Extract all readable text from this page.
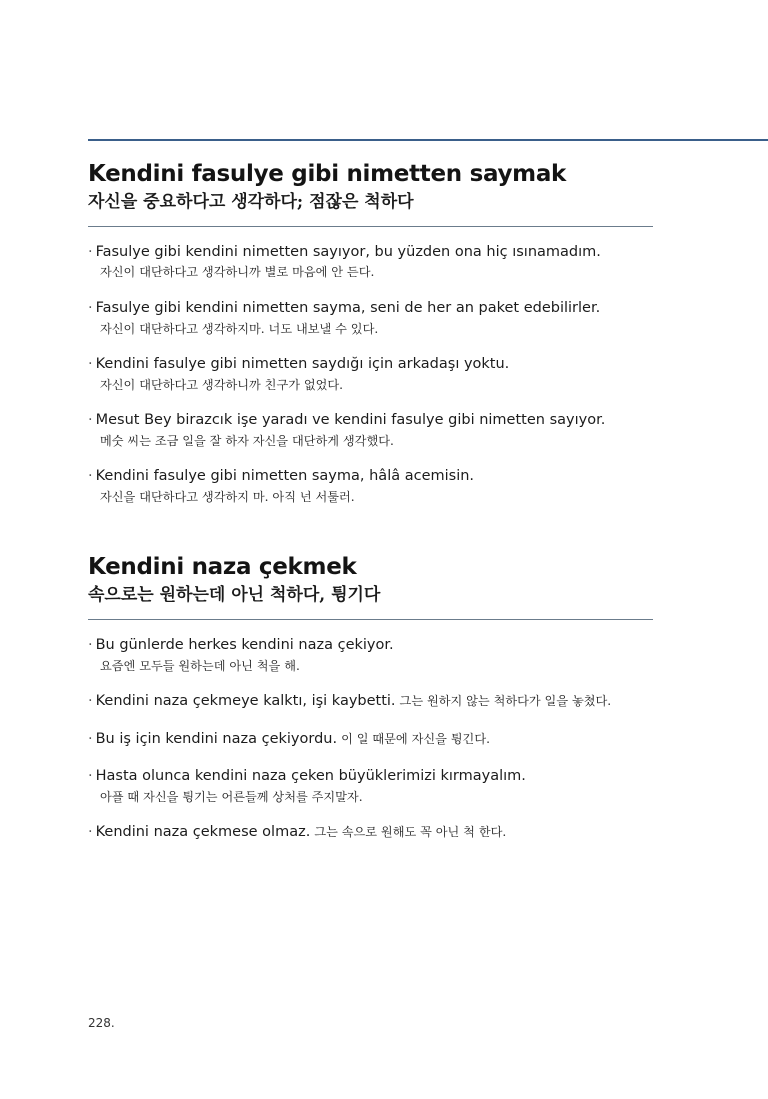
Kendini fasulye gibi nimetten saymak
자신을 중요하다고 생각하다; 점잖은 척하다
· Fasulye gibi kendini nimetten sayıyor, bu yüzden ona hiç ısınamadım.
자신이 대단하다고 생각하니까 별로 마음에 안 든다.
· Fasulye gibi kendini nimetten sayma, seni de her an paket edebilirler.
자신이 대단하다고 생각하지마. 너도 내보낼 수 있다.
· Kendini fasulye gibi nimetten saydığı için arkadaşı yoktu.
자신이 대단하다고 생각하니까 친구가 없었다.
· Mesut Bey birazcık işe yaradı ve kendini fasulye gibi nimetten sayıyor.
메숫 씨는 조금 일을 잘 하자 자신을 대단하게 생각했다.
· Kendini fasulye gibi nimetten sayma, hâlâ acemisin.
자신을 대단하다고 생각하지 마. 아직 넌 서툴러.
Kendini naza çekmek
속으로는 원하는데 아닌 척하다, 튕기다
· Bu günlerde herkes kendini naza çekiyor.
요즘엔 모두들 원하는데 아닌 척을 해.
· Kendini naza çekmeye kalktı, işi kaybetti. 그는 원하지 않는 척하다가 일을 놓쳤다.
· Bu iş için kendini naza çekiyordu. 이 일 때문에 자신을 튕긴다.
· Hasta olunca kendini naza çeken büyüklerimizi kırmayalım.
아플 때 자신을 튕기는 어른들께 상처를 주지말자.
· Kendini naza çekmese olmaz. 그는 속으로 원해도 꼭 아닌 척 한다.
228.
